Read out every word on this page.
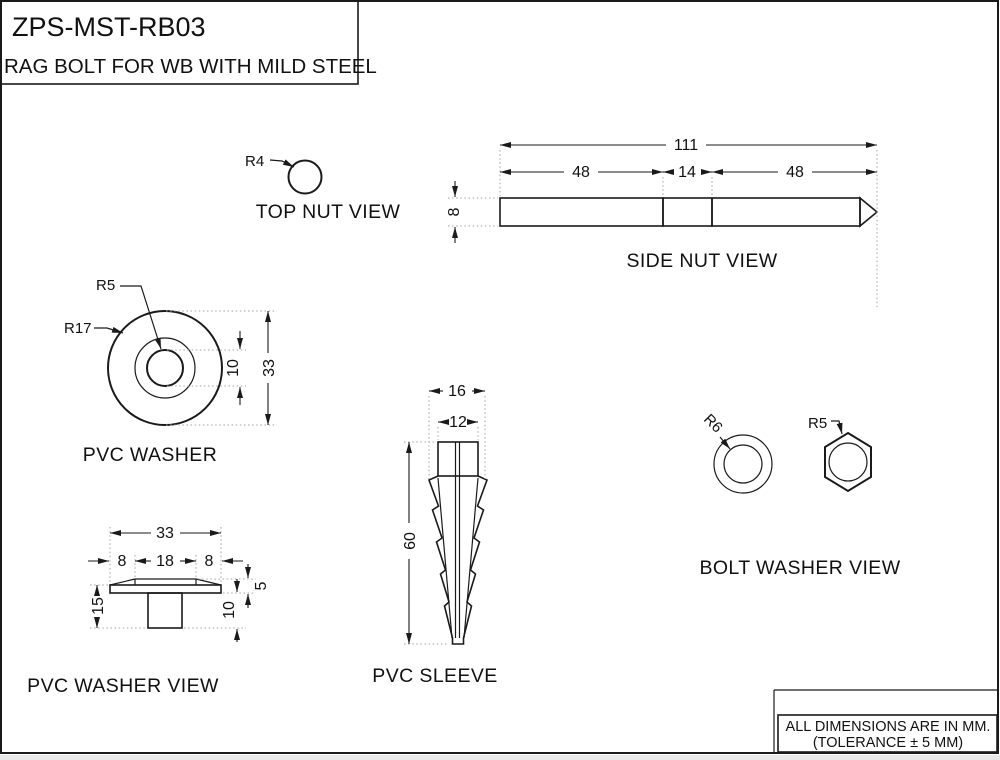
ZPS-MST-RB03
RAG BOLT FOR WB WITH MILD STEEL
R4
TOP NUT VIEW
111
48	14	48
8
SIDE NUT VIEW
R5
R17
10 33
PVC WASHER
33
8 18 8
15
5
10
PVC WASHER VIEW
16
12
60
PVC SLEEVE
R6	R5
BOLT WASHER VIEW
ALL DIMENSIONS ARE IN MM.
(TOLERANCE ± 5 MM)
